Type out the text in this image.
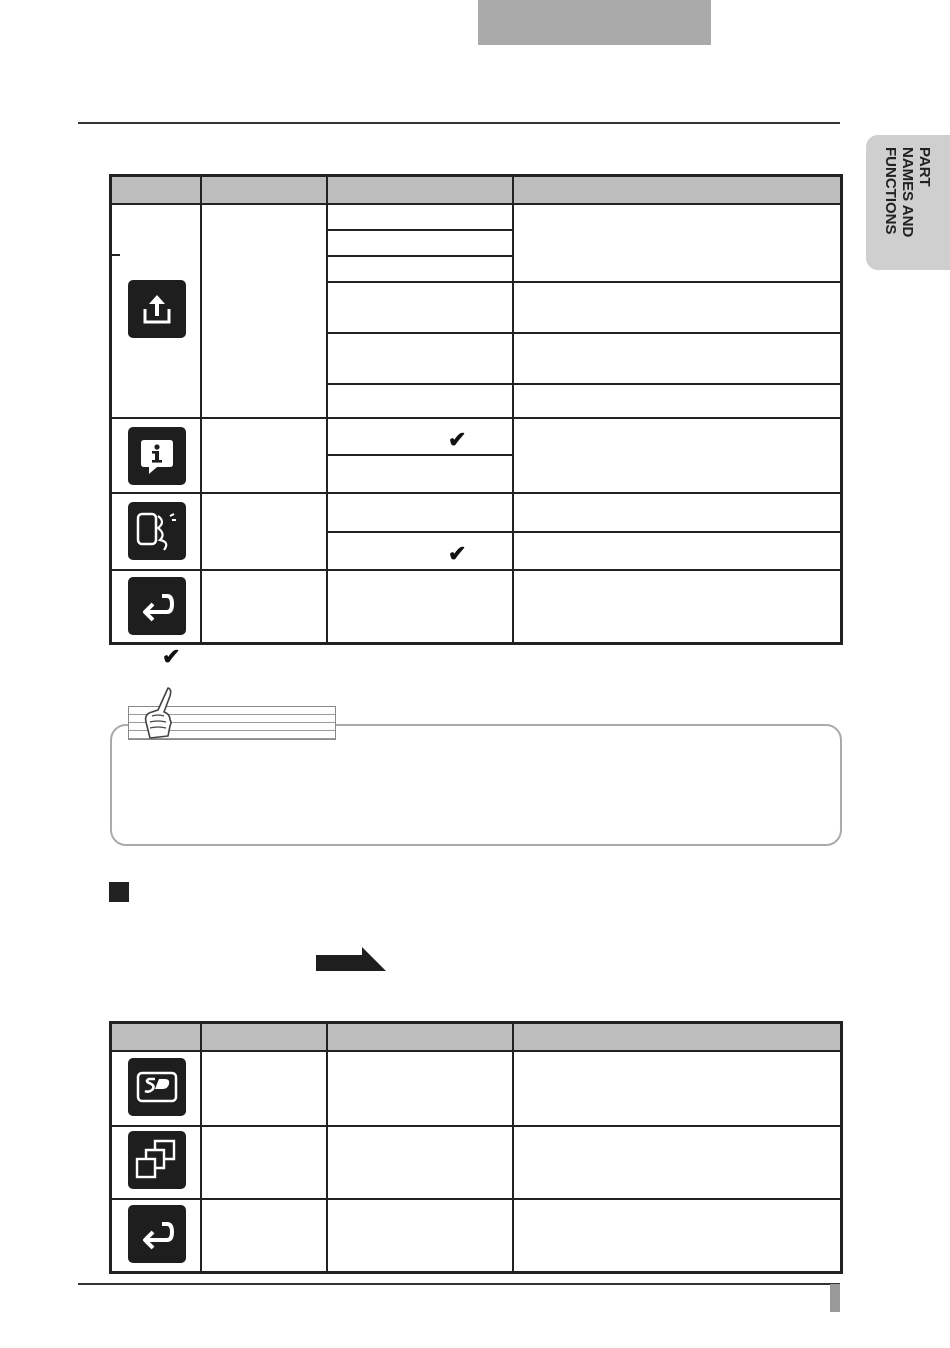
PART
NAMES AND
FUNCTIONS
✔
✔
✔
